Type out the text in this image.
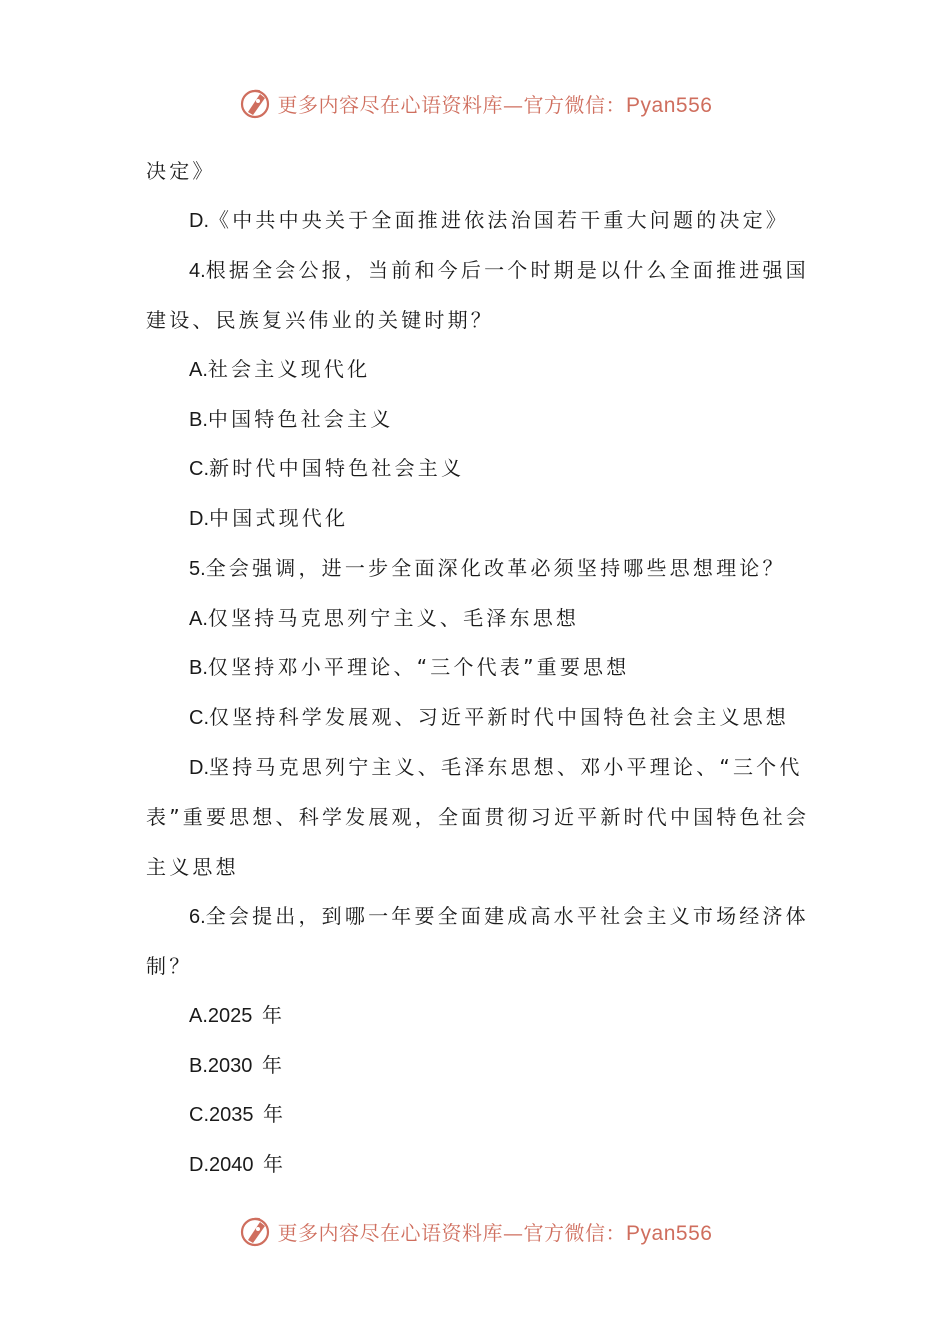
更多内容尽在心语资料库—官方微信：Pyan556
决定》
D.《中共中央关于全面推进依法治国若干重大问题的决定》
4.根据全会公报，当前和今后一个时期是以什么全面推进强国
建设、民族复兴伟业的关键时期？
A.社会主义现代化
B.中国特色社会主义
C.新时代中国特色社会主义
D.中国式现代化
5.全会强调，进一步全面深化改革必须坚持哪些思想理论？
A.仅坚持马克思列宁主义、毛泽东思想
B.仅坚持邓小平理论、“三个代表”重要思想
C.仅坚持科学发展观、习近平新时代中国特色社会主义思想
D.坚持马克思列宁主义、毛泽东思想、邓小平理论、“三个代
表”重要思想、科学发展观，全面贯彻习近平新时代中国特色社会
主义思想
6.全会提出，到哪一年要全面建成高水平社会主义市场经济体
制？
A.2025 年
B.2030 年
C.2035 年
D.2040 年
更多内容尽在心语资料库—官方微信：Pyan556
